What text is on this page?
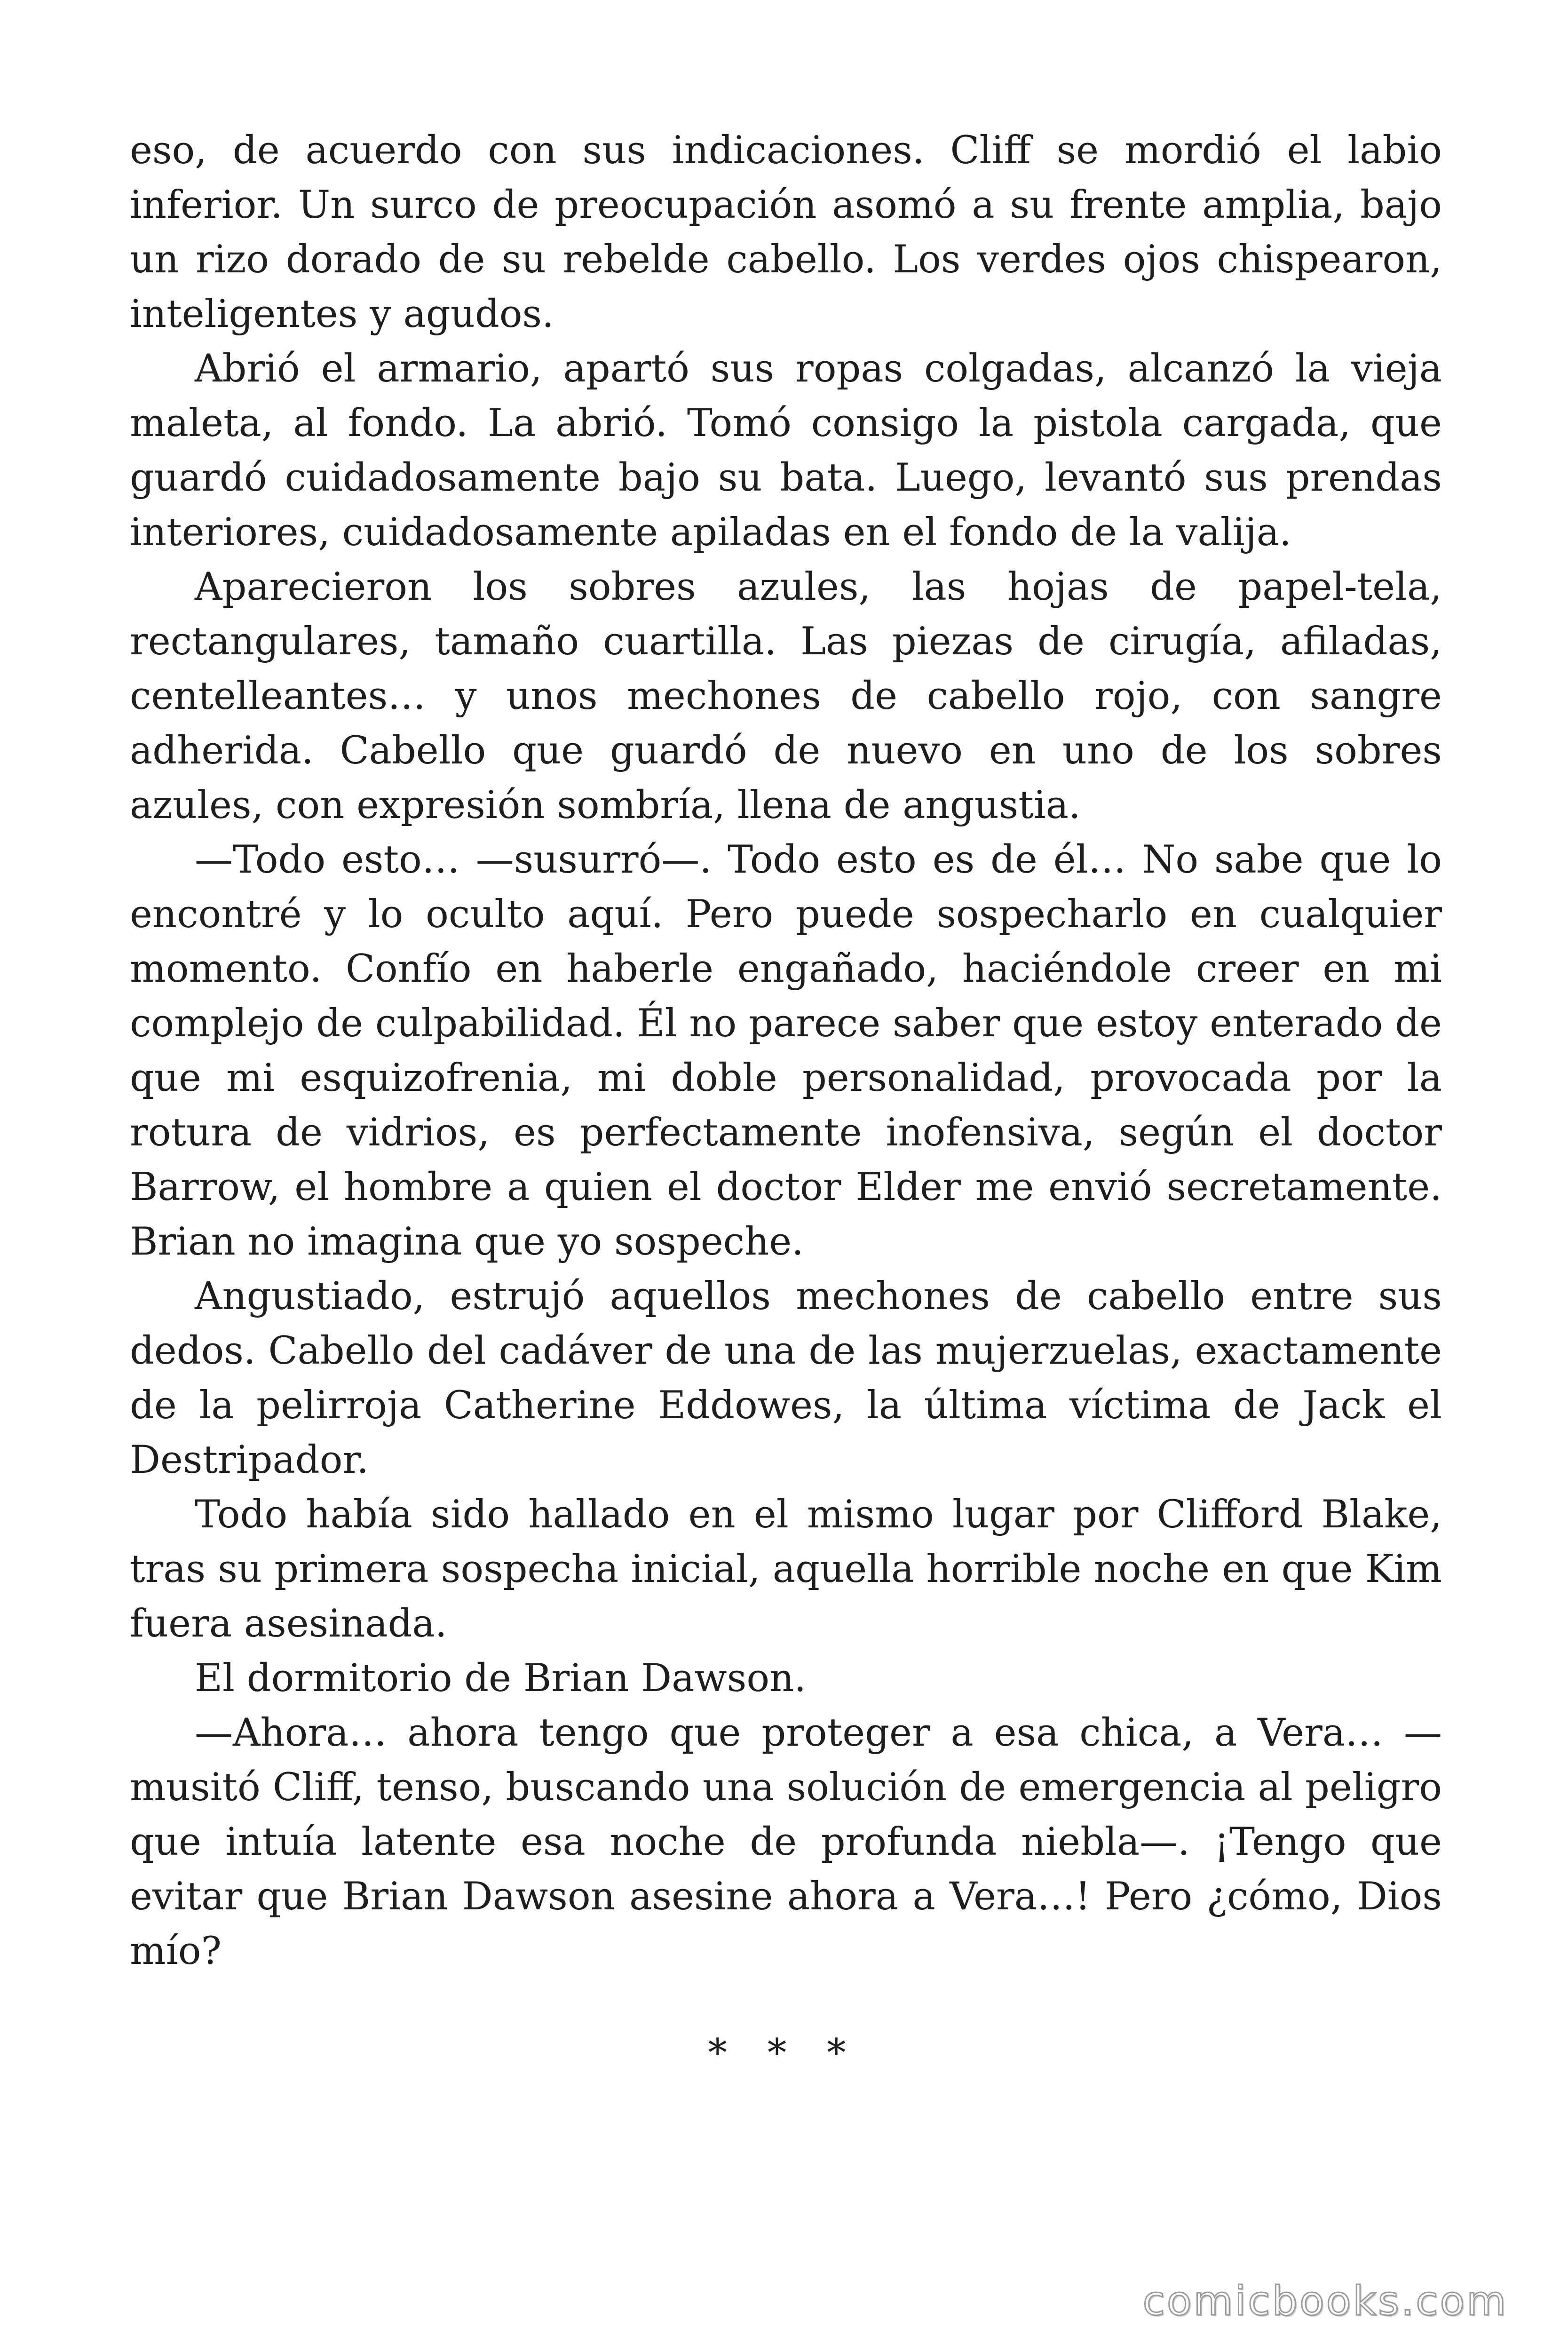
eso, de acuerdo con sus indicaciones. Cliff se mordió el labio inferior. Un surco de preocupación asomó a su frente amplia, bajo un rizo dorado de su rebelde cabello. Los verdes ojos chispearon, inteligentes y agudos.

Abrió el armario, apartó sus ropas colgadas, alcanzó la vieja maleta, al fondo. La abrió. Tomó consigo la pistola cargada, que guardó cuidadosamente bajo su bata. Luego, levantó sus prendas interiores, cuidadosamente apiladas en el fondo de la valija.

Aparecieron los sobres azules, las hojas de papel-tela, rectangulares, tamaño cuartilla. Las piezas de cirugía, afiladas, centelleantes… y unos mechones de cabello rojo, con sangre adherida. Cabello que guardó de nuevo en uno de los sobres azules, con expresión sombría, llena de angustia.

—Todo esto… —susurró—. Todo esto es de él… No sabe que lo encontré y lo oculto aquí. Pero puede sospecharlo en cualquier momento. Confío en haberle engañado, haciéndole creer en mi complejo de culpabilidad. Él no parece saber que estoy enterado de que mi esquizofrenia, mi doble personalidad, provocada por la rotura de vidrios, es perfectamente inofensiva, según el doctor Barrow, el hombre a quien el doctor Elder me envió secretamente. Brian no imagina que yo sospeche.

Angustiado, estrujó aquellos mechones de cabello entre sus dedos. Cabello del cadáver de una de las mujerzuelas, exactamente de la pelirroja Catherine Eddowes, la última víctima de Jack el Destripador.

Todo había sido hallado en el mismo lugar por Clifford Blake, tras su primera sospecha inicial, aquella horrible noche en que Kim fuera asesinada.

El dormitorio de Brian Dawson.

—Ahora… ahora tengo que proteger a esa chica, a Vera… —musitó Cliff, tenso, buscando una solución de emergencia al peligro que intuía latente esa noche de profunda niebla—. ¡Tengo que evitar que Brian Dawson asesine ahora a Vera…! Pero ¿cómo, Dios mío?

* * *
comicbooks.com
